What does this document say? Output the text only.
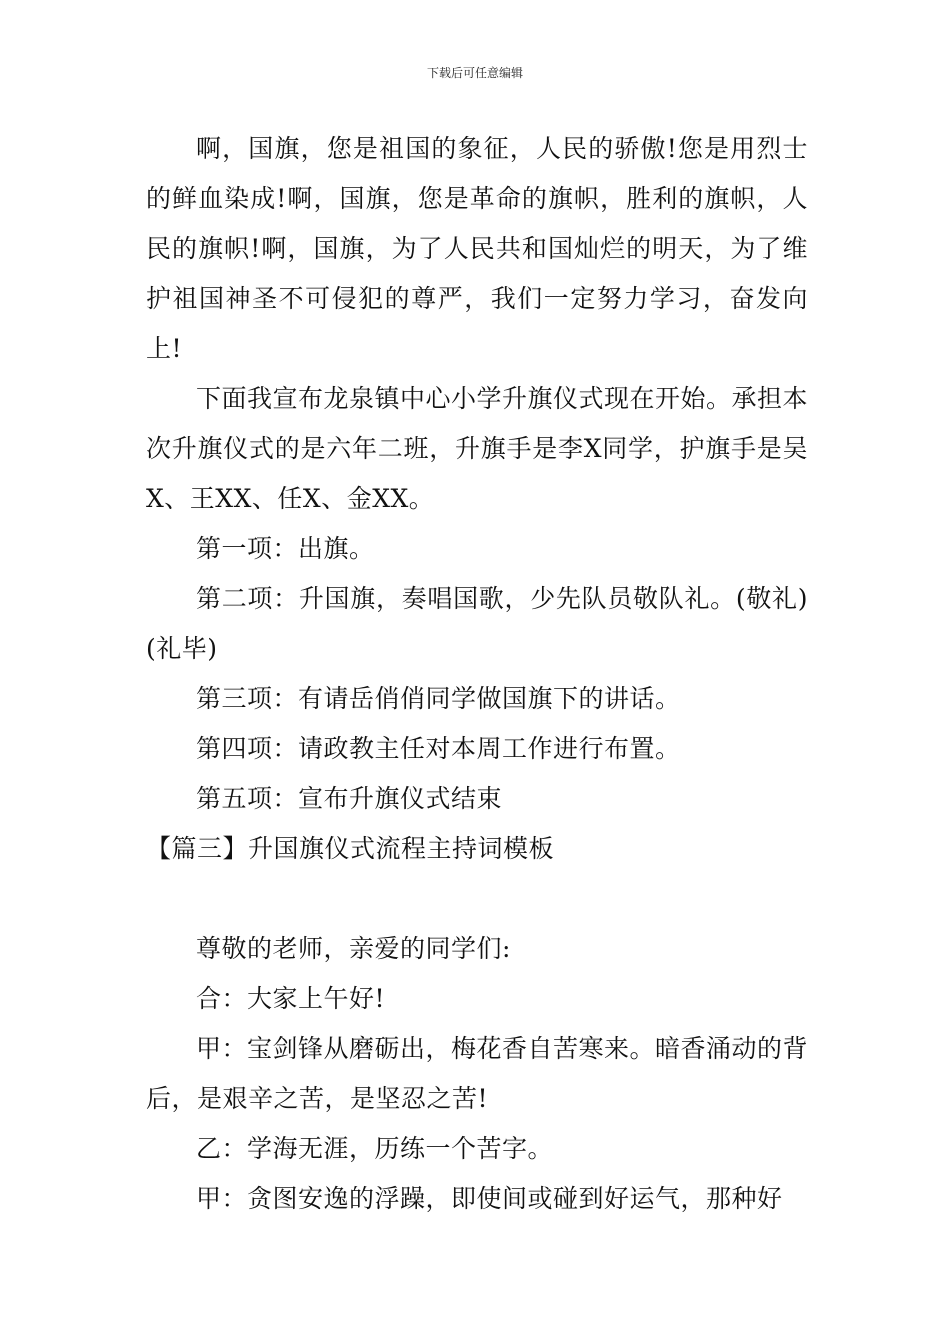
下载后可任意编辑

啊，国旗，您是祖国的象征，人民的骄傲!您是用烈士的鲜血染成!啊，国旗，您是革命的旗帜，胜利的旗帜，人民的旗帜!啊，国旗，为了人民共和国灿烂的明天，为了维护祖国神圣不可侵犯的尊严，我们一定努力学习，奋发向上!

下面我宣布龙泉镇中心小学升旗仪式现在开始。承担本次升旗仪式的是六年二班，升旗手是李X同学，护旗手是吴X、王XX、任X、金XX。

第一项：出旗。

第二项：升国旗，奏唱国歌，少先队员敬队礼。(敬礼)(礼毕)

第三项：有请岳俏俏同学做国旗下的讲话。

第四项：请政教主任对本周工作进行布置。

第五项：宣布升旗仪式结束

【篇三】升国旗仪式流程主持词模板

尊敬的老师，亲爱的同学们:

合：大家上午好!

甲：宝剑锋从磨砺出，梅花香自苦寒来。暗香涌动的背后，是艰辛之苦，是坚忍之苦!

乙：学海无涯，历练一个苦字。

甲：贪图安逸的浮躁，即使间或碰到好运气，那种好
